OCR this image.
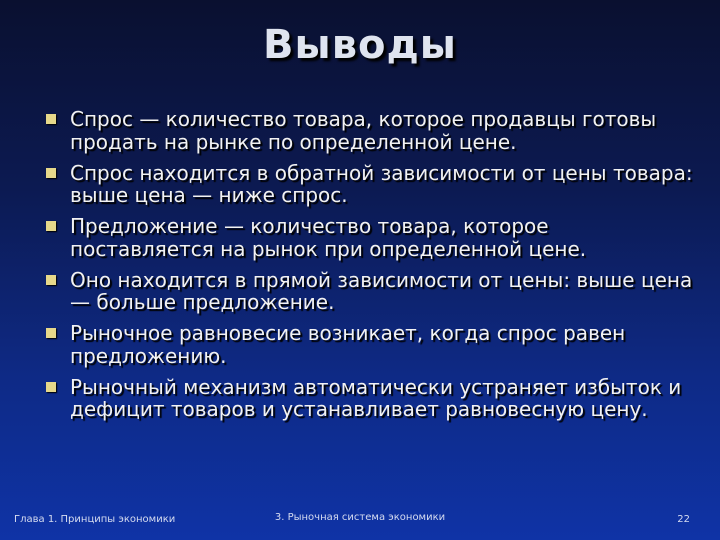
Выводы
Спрос — количество товара, которое продавцы готовы продать на рынке по определенной цене.
Спрос находится в обратной зависимости от цены товара: выше цена — ниже спрос.
Предложение — количество товара, которое поставляется на рынок при определенной цене.
Оно находится в прямой зависимости от цены: выше цена — больше предложение.
Рыночное равновесие возникает, когда спрос равен предложению.
Рыночный механизм автоматически устраняет избыток и дефицит товаров и устанавливает равновесную цену.
Глава 1. Принципы экономики	3. Рыночная система экономики	22
